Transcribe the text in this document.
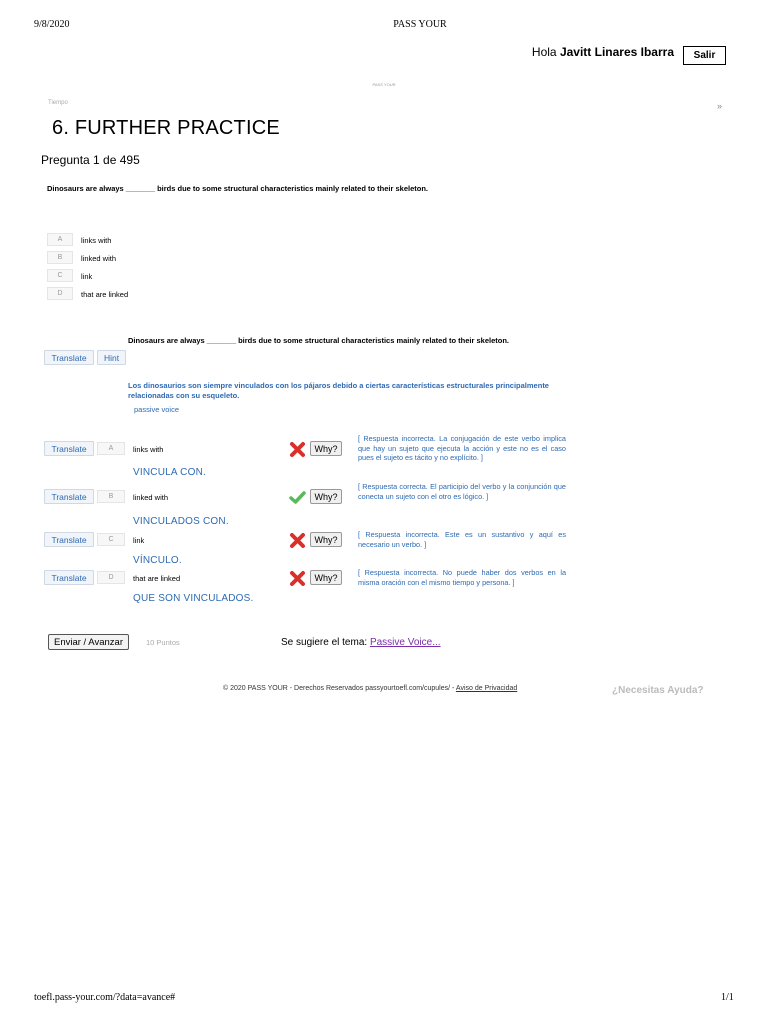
9/8/2020	PASS YOUR
toefl.pass-your.com/?data=avance#	1/1
Hola Javitt Linares Ibarra	Salir
PASS YOUR
Tiempo	»
6. FURTHER PRACTICE
Pregunta 1 de 495
Dinosaurs are always _______ birds due to some structural characteristics mainly related to their skeleton.
A	links with
B	linked with
C	link
D	that are linked
Dinosaurs are always _______ birds due to some structural characteristics mainly related to their skeleton.
Translate	Hint
Los dinosaurios son siempre vinculados con los pájaros debido a ciertas características estructurales principalmente relacionadas con su esqueleto.
passive voice
Translate	A	links with
VINCULA CON.
Why?
[ Respuesta incorrecta. La conjugación de este verbo implica que hay un sujeto que ejecuta la acción y este no es el caso pues el sujeto es tácito y no explícito. ]
Translate	B	linked with
VINCULADOS CON.
Why?
[ Respuesta correcta. El participio del verbo y la conjunción que conecta un sujeto con el otro es lógico. ]
Translate	C	link
VÍNCULO.
Why?	[ Respuesta incorrecta. Este es un sustantivo y aquí es necesario un verbo. ]
Translate	D	that are linked
QUE SON VINCULADOS.
Why?	[ Respuesta incorrecta. No puede haber dos verbos en la misma oración con el mismo tiempo y persona. ]
Enviar / Avanzar	10 Puntos	Se sugiere el tema: Passive Voice...
© 2020 PASS YOUR - Derechos Reservados passyourtoefl.com/cupules/ - Aviso de Privacidad	¿Necesitas Ayuda?
